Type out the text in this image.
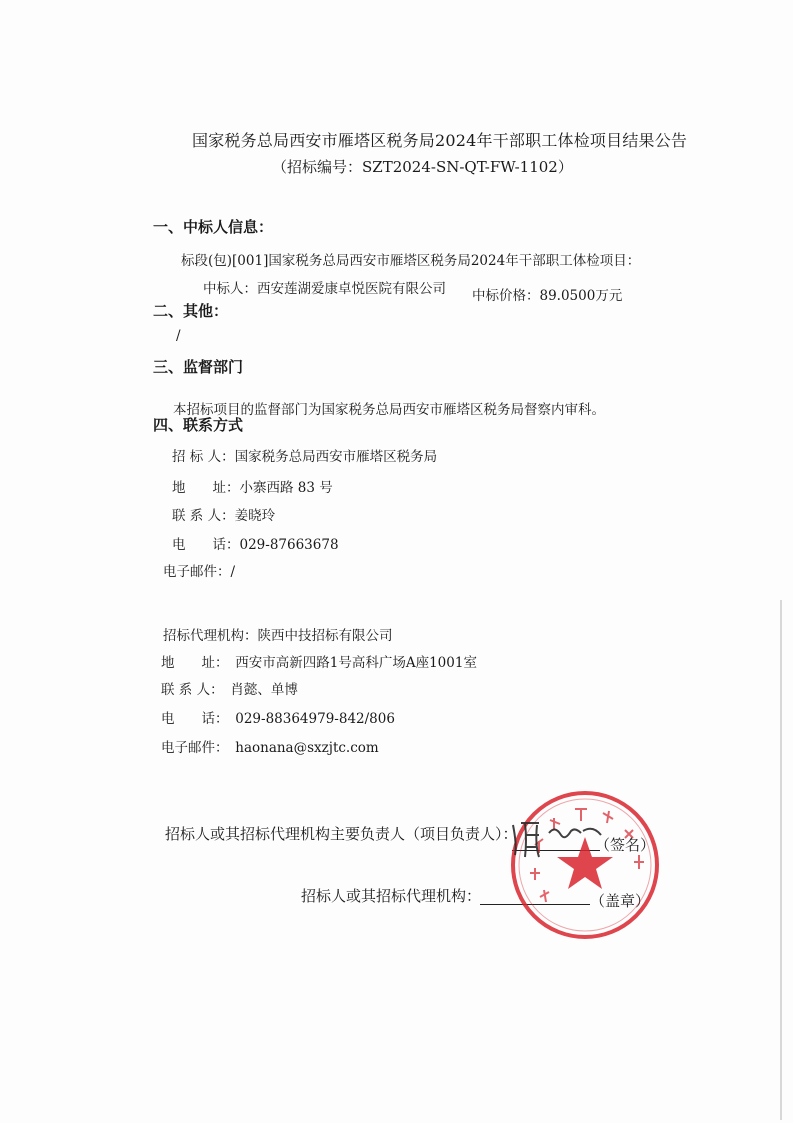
国家税务总局西安市雁塔区税务局2024年干部职工体检项目结果公告
（招标编号：SZT2024-SN-QT-FW-1102）
一、中标人信息：
标段(包)[001]国家税务总局西安市雁塔区税务局2024年干部职工体检项目：
中标人：西安莲湖爱康卓悦医院有限公司 中标价格：89.0500万元
二、其他：
/
三、监督部门
本招标项目的监督部门为国家税务总局西安市雁塔区税务局督察内审科。
四、联系方式
招 标 人：国家税务总局西安市雁塔区税务局
地　　址：小寨西路 83 号
联 系 人：姜晓玲
电　　话：029-87663678
电子邮件：/
招标代理机构：陕西中技招标有限公司
地　　址：　西安市高新四路1号高科广场A座1001室
联 系 人：　肖懿、单博
电　　话：　029-88364979-842/806
电子邮件：　haonana@sxzjtc.com
招标人或其招标代理机构主要负责人（项目负责人）：
（签名）
招标人或其招标代理机构：	（盖章）
